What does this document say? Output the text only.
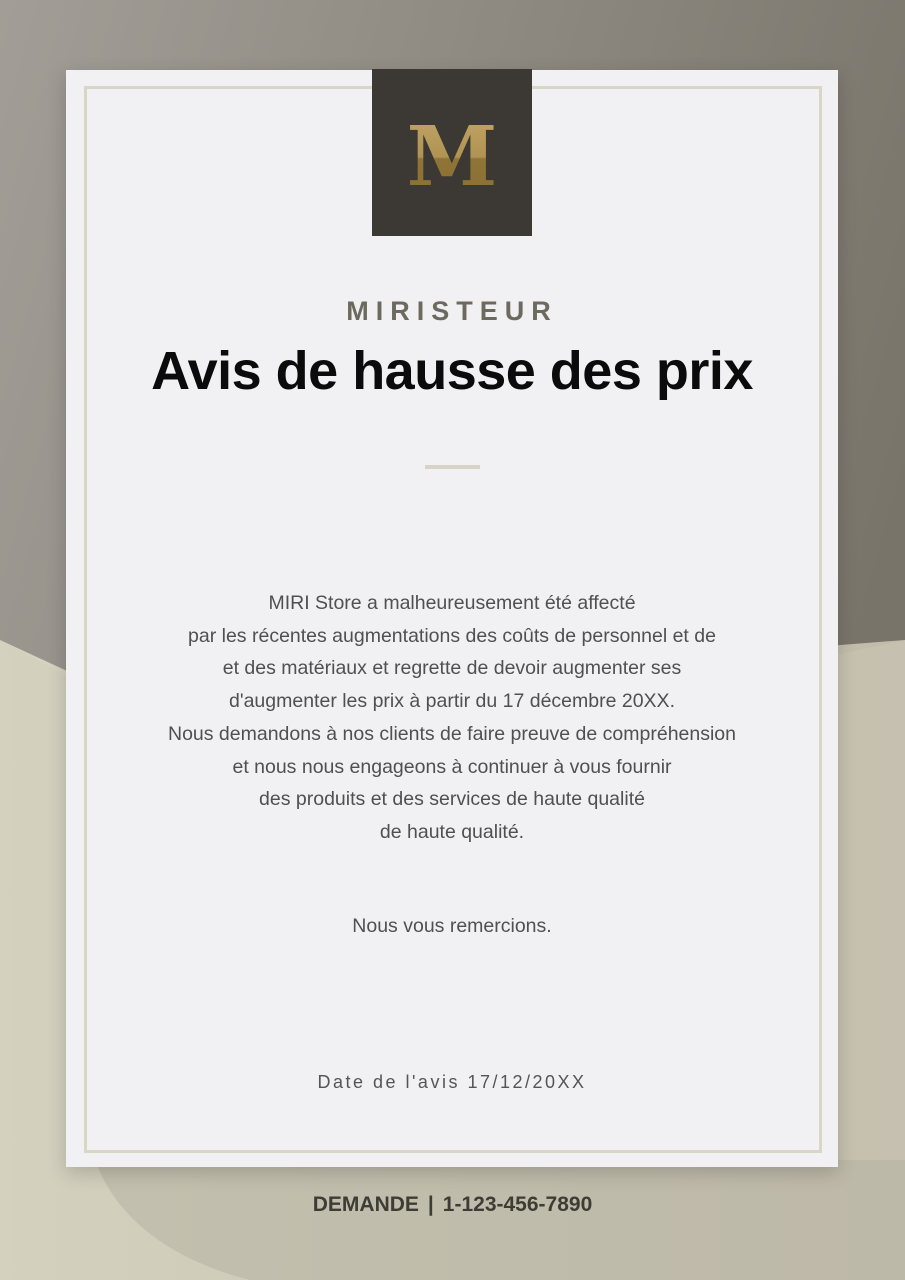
M
MIRISTEUR
Avis de hausse des prix
MIRI Store a malheureusement été affecté
par les récentes augmentations des coûts de personnel et de
et des matériaux et regrette de devoir augmenter ses
d'augmenter les prix à partir du 17 décembre 20XX.
Nous demandons à nos clients de faire preuve de compréhension
et nous nous engageons à continuer à vous fournir
des produits et des services de haute qualité
de haute qualité.
Nous vous remercions.
Date de l'avis 17/12/20XX
DEMANDE | 1-123-456-7890
